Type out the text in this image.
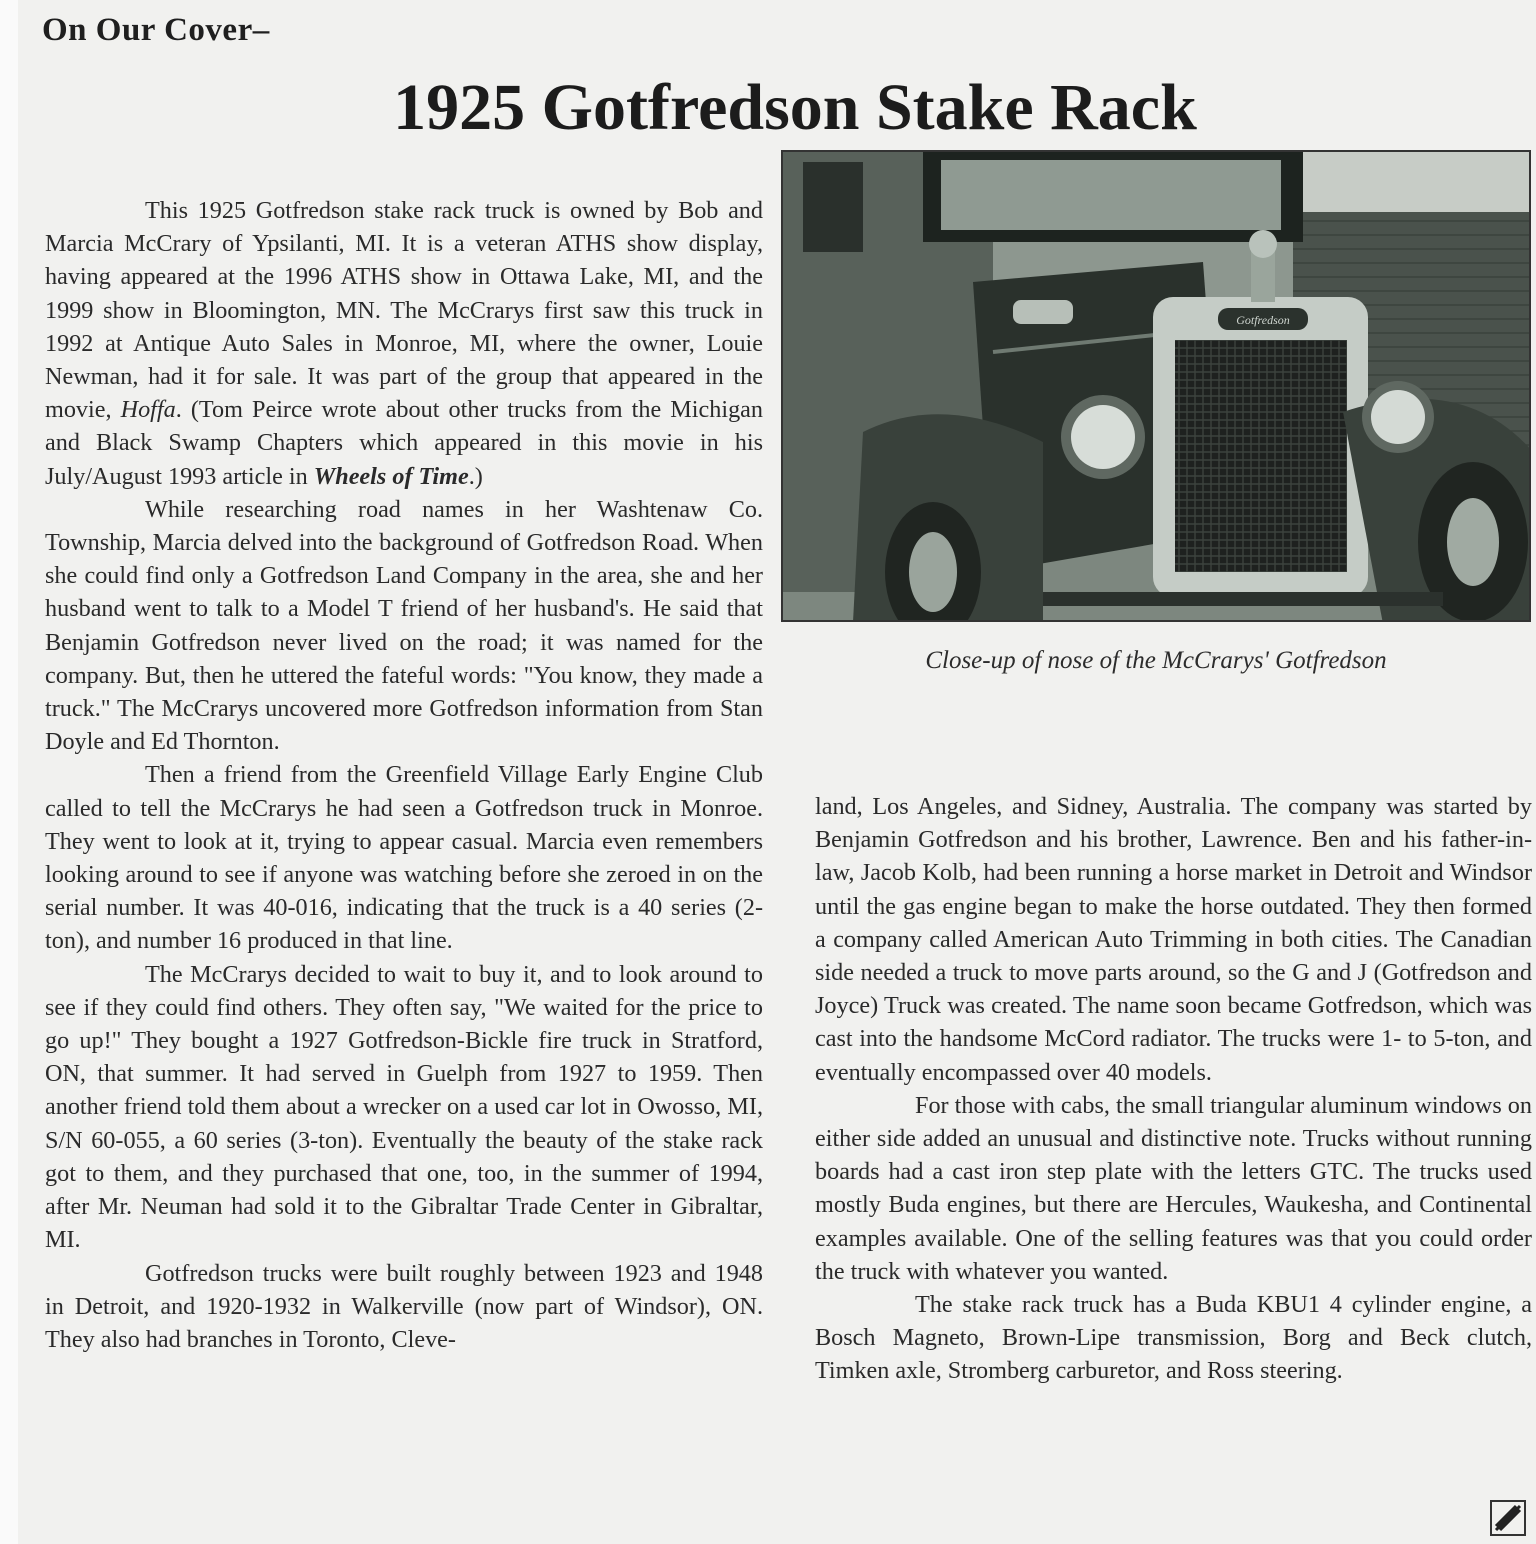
On Our Cover–
1925 Gotfredson Stake Rack

This 1925 Gotfredson stake rack truck is owned by Bob and Marcia McCrary of Ypsilanti, MI. It is a veteran ATHS show display, having appeared at the 1996 ATHS show in Ottawa Lake, MI, and the 1999 show in Bloomington, MN. The McCrarys first saw this truck in 1992 at Antique Auto Sales in Monroe, MI, where the owner, Louie Newman, had it for sale. It was part of the group that appeared in the movie, Hoffa. (Tom Peirce wrote about other trucks from the Michigan and Black Swamp Chapters which appeared in this movie in his July/August 1993 article in Wheels of Time.)

While researching road names in her Washtenaw Co. Township, Marcia delved into the background of Gotfredson Road. When she could find only a Gotfredson Land Company in the area, she and her husband went to talk to a Model T friend of her husband's. He said that Benjamin Gotfredson never lived on the road; it was named for the company. But, then he uttered the fateful words: "You know, they made a truck." The McCrarys uncovered more Gotfredson information from Stan Doyle and Ed Thornton.

Then a friend from the Greenfield Village Early Engine Club called to tell the McCrarys he had seen a Gotfredson truck in Monroe. They went to look at it, trying to appear casual. Marcia even remembers looking around to see if anyone was watching before she zeroed in on the serial number. It was 40-016, indicating that the truck is a 40 series (2-ton), and number 16 produced in that line.

The McCrarys decided to wait to buy it, and to look around to see if they could find others. They often say, "We waited for the price to go up!" They bought a 1927 Gotfredson-Bickle fire truck in Stratford, ON, that summer. It had served in Guelph from 1927 to 1959. Then another friend told them about a wrecker on a used car lot in Owosso, MI, S/N 60-055, a 60 series (3-ton). Eventually the beauty of the stake rack got to them, and they purchased that one, too, in the summer of 1994, after Mr. Neuman had sold it to the Gibraltar Trade Center in Gibraltar, MI.

Gotfredson trucks were built roughly between 1923 and 1948 in Detroit, and 1920-1932 in Walkerville (now part of Windsor), ON. They also had branches in Toronto, Cleve-

Gotfredson

Close-up of nose of the McCrarys' Gotfredson

land, Los Angeles, and Sidney, Australia. The company was started by Benjamin Gotfredson and his brother, Lawrence. Ben and his father-in-law, Jacob Kolb, had been running a horse market in Detroit and Windsor until the gas engine began to make the horse outdated. They then formed a company called American Auto Trimming in both cities. The Canadian side needed a truck to move parts around, so the G and J (Gotfredson and Joyce) Truck was created. The name soon became Gotfredson, which was cast into the handsome McCord radiator. The trucks were 1- to 5-ton, and eventually encompassed over 40 models.

For those with cabs, the small triangular aluminum windows on either side added an unusual and distinctive note. Trucks without running boards had a cast iron step plate with the letters GTC. The trucks used mostly Buda engines, but there are Hercules, Waukesha, and Continental examples available. One of the selling features was that you could order the truck with whatever you wanted.

The stake rack truck has a Buda KBU1 4 cylinder engine, a Bosch Magneto, Brown-Lipe transmission, Borg and Beck clutch, Timken axle, Stromberg carburetor, and Ross steering.
